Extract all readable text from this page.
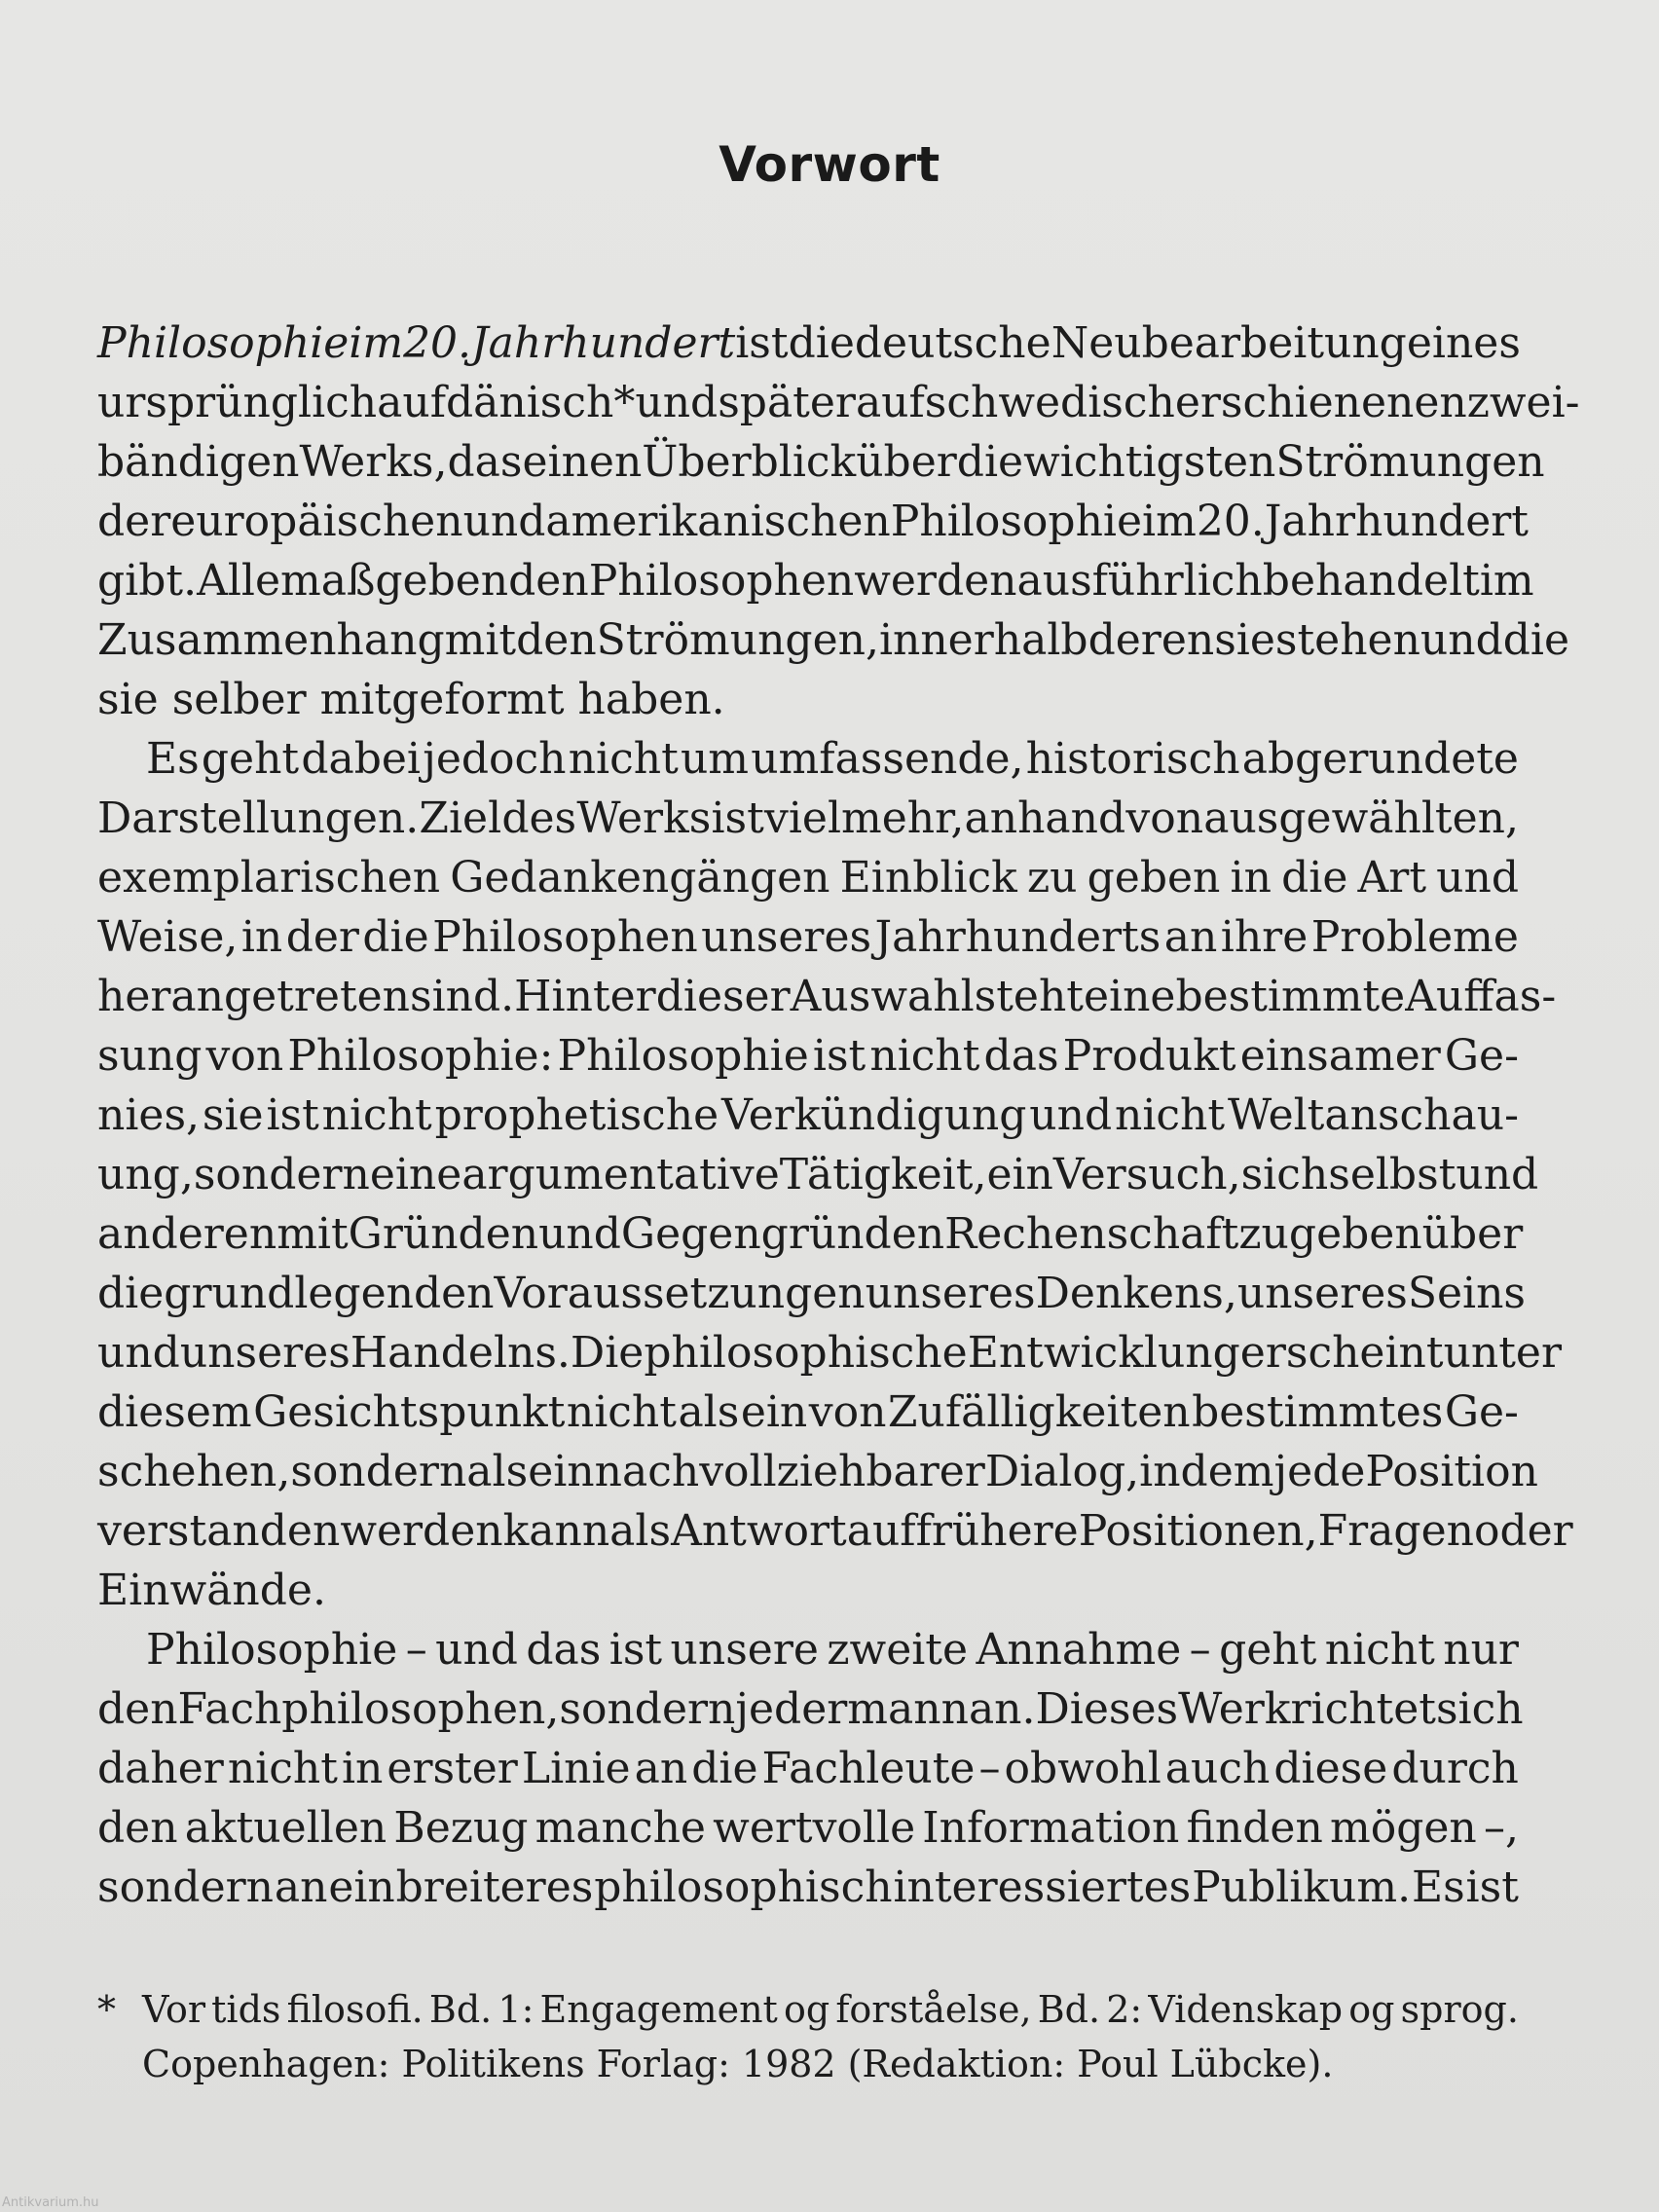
Vorwort
Philosophie im 20. Jahrhundert ist die deutsche Neubearbeitung eines
ursprünglich auf dänisch* und später auf schwedisch erschienenen zwei-
bändigen Werks, das einen Überblick über die wichtigsten Strömungen
der europäischen und amerikanischen Philosophie im 20. Jahrhundert
gibt. Alle maßgebenden Philosophen werden ausführlich behandelt im
Zusammenhang mit den Strömungen, innerhalb deren sie stehen und die
sie selber mitgeformt haben.
Es geht dabei jedoch nicht um umfassende, historisch abgerundete
Darstellungen. Ziel des Werks ist vielmehr, anhand von ausgewählten,
exemplarischen Gedankengängen Einblick zu geben in die Art und
Weise, in der die Philosophen unseres Jahrhunderts an ihre Probleme
herangetreten sind. Hinter dieser Auswahl steht eine bestimmte Auffas-
sung von Philosophie: Philosophie ist nicht das Produkt einsamer Ge-
nies, sie ist nicht prophetische Verkündigung und nicht Weltanschau-
ung, sondern eine argumentative Tätigkeit, ein Versuch, sich selbst und
anderen mit Gründen und Gegengründen Rechenschaft zu geben über
die grundlegenden Voraussetzungen unseres Denkens, unseres Seins
und unseres Handelns. Die philosophische Entwicklung erscheint unter
diesem Gesichtspunkt nicht als ein von Zufälligkeiten bestimmtes Ge-
schehen, sondern als ein nachvollziehbarer Dialog, in dem jede Position
verstanden werden kann als Antwort auf frühere Positionen, Fragen oder
Einwände.
Philosophie – und das ist unsere zweite Annahme – geht nicht nur
den Fachphilosophen, sondern jedermann an. Dieses Werk richtet sich
daher nicht in erster Linie an die Fachleute – obwohl auch diese durch
den aktuellen Bezug manche wertvolle Information finden mögen –,
sondern an ein breiteres philosophisch interessiertes Publikum. Es ist
* Vor tids filosofi. Bd. 1: Engagement og forståelse, Bd. 2: Videnskap og sprog.
Copenhagen: Politikens Forlag: 1982 (Redaktion: Poul Lübcke).
Antikvarium.hu
